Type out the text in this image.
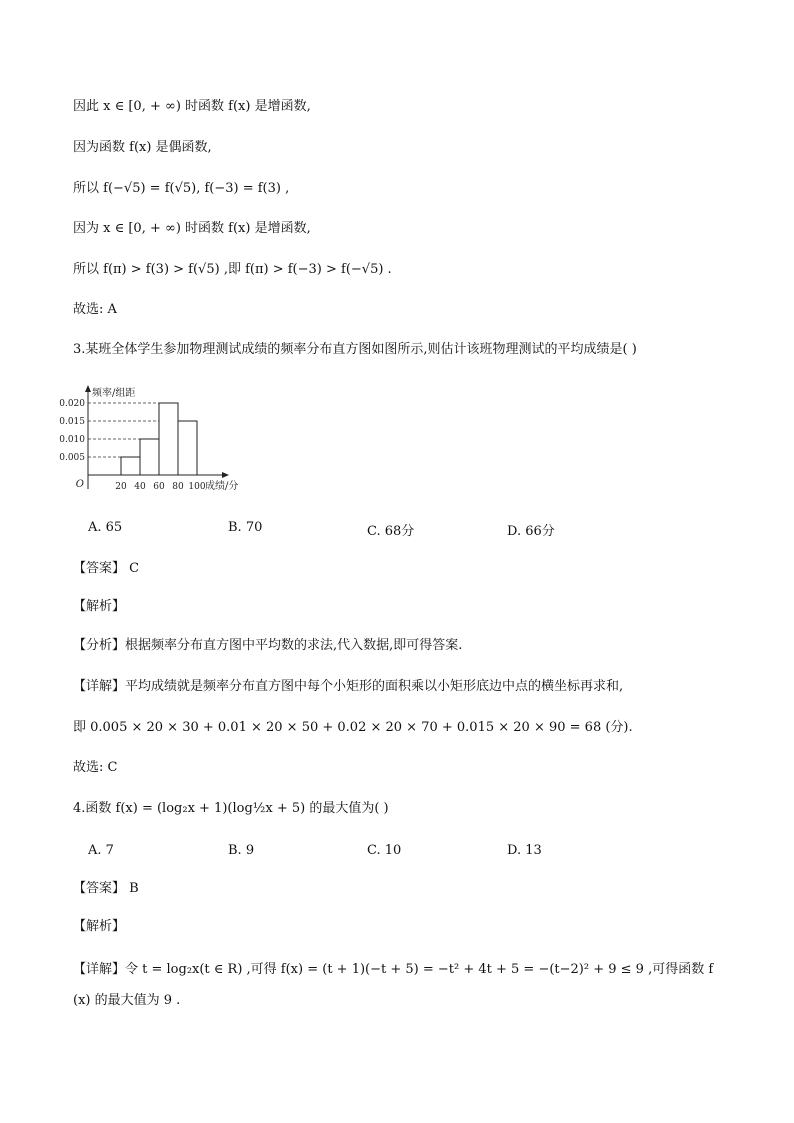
因此 x ∈ [0, + ∞) 时函数 f(x) 是增函数,
因为函数 f(x) 是偶函数,
所以 f(−√5) = f(√5), f(−3) = f(3) ,
因为 x ∈ [0, + ∞) 时函数 f(x) 是增函数,
所以 f(π) > f(3) > f(√5) ,即 f(π) > f(−3) > f(−√5) .
故选: A
3.某班全体学生参加物理测试成绩的频率分布直方图如图所示,则估计该班物理测试的平均成绩是( )
0.020
0.015
0.010
0.005
20 40 60 80 100
频率/组距
成绩/分
O
A. 65	B. 70	C. 68分	D. 66分
【答案】 C
【解析】
【分析】根据频率分布直方图中平均数的求法,代入数据,即可得答案.
【详解】平均成绩就是频率分布直方图中每个小矩形的面积乘以小矩形底边中点的横坐标再求和,
即 0.005 × 20 × 30 + 0.01 × 20 × 50 + 0.02 × 20 × 70 + 0.015 × 20 × 90 = 68 (分).
故选: C
4.函数 f(x) = (log₂x + 1)(log½x + 5) 的最大值为( )
A. 7	B. 9	C. 10	D. 13
【答案】 B
【解析】
【详解】令 t = log₂x(t ∈ R) ,可得 f(x) = (t + 1)(−t + 5) = −t² + 4t + 5 = −(t−2)² + 9 ≤ 9 ,可得函数 f
(x) 的最大值为 9 .
